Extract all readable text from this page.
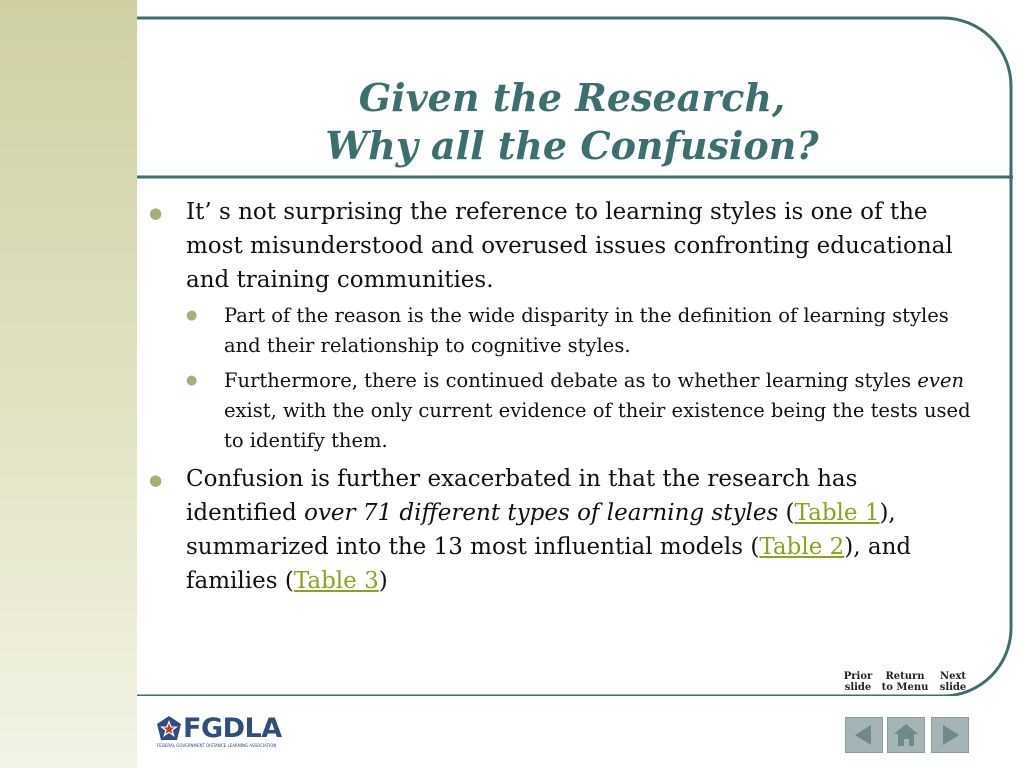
Given the Research,
Why all the Confusion?
● It’ s not surprising the reference to learning styles is one of the most misunderstood and overused issues confronting educational and training communities.
● Part of the reason is the wide disparity in the definition of learning styles and their relationship to cognitive styles.
● Furthermore, there is continued debate as to whether learning styles even exist, with the only current evidence of their existence being the tests used to identify them.
● Confusion is further exacerbated in that the research has identified over 71 different types of learning styles (Table 1), summarized into the 13 most influential models (Table 2), and families (Table 3)
Prior
slide
Return
to Menu
Next
slide
FGDLA
FEDERAL GOVERNMENT DISTANCE LEARNING ASSOCIATION
